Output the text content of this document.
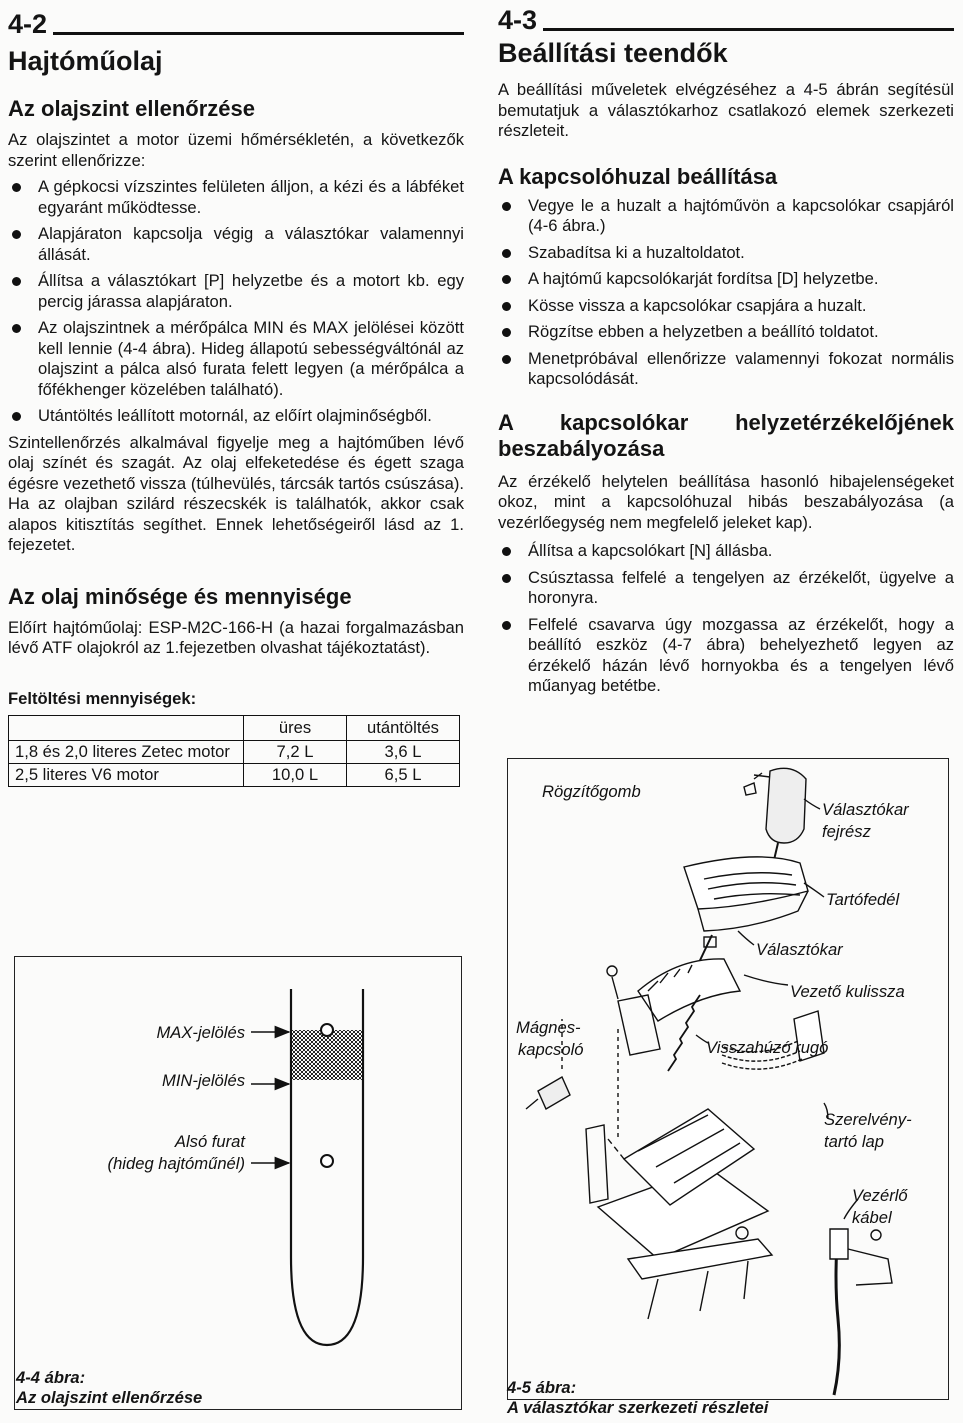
4-2
Hajtóműolaj
Az olajszint ellenőrzése

Az olajszintet a motor üzemi hőmérsékletén, a következők szerint ellenőrizze:

A gépkocsi vízszintes felületen álljon, a kézi és a lábféket egyaránt működtesse.
Alapjáraton kapcsolja végig a választókar valamennyi állását.
Állítsa a választókart [P] helyzetbe és a motort kb. egy percig járassa alapjáraton.
Az olajszintnek a mérőpálca MIN és MAX jelölései között kell lennie (4-4 ábra). Hideg állapotú sebességváltónál az olajszint a pálca alsó furata felett legyen (a mérőpálca a főfékhenger közelében található).
Utántöltés leállított motornál, az előírt olajminőségből.

Szintellenőrzés alkalmával figyelje meg a hajtóműben lévő olaj színét és szagát. Az olaj elfeketedése és égett szaga égésre vezethető vissza (túlhevülés, tárcsák tartós csúszása). Ha az olajban szilárd részecskék is találhatók, akkor csak alapos kitisztítás segíthet. Ennek lehetőségeiről lásd az 1. fejezetet.

Az olaj minősége és mennyisége

Előírt hajtóműolaj: ESP-M2C-166-H (a hazai forgalmazásban lévő ATF olajokról az 1.fejezetben olvashat tájékoztatást).

Feltöltési mennyiségek:
	üres	utántöltés
1,8 és 2,0 literes Zetec motor	7,2 L	3,6 L
2,5 literes V6 motor	10,0 L	6,5 L
MAX-jelölés
MIN-jelölés
Alsó furat
(hideg hajtóműnél)
4-4 ábra:
Az olajszint ellenőrzése
4-3
Beállítási teendők

A beállítási műveletek elvégzéséhez a 4-5 ábrán segítésül bemutatjuk a választókarhoz csatlakozó elemek szerkezeti részleteit.

A kapcsolóhuzal beállítása
Vegye le a huzalt a hajtóművön a kapcsolókar csapjáról (4-6 ábra.)
Szabadítsa ki a huzaltoldatot.
A hajtómű kapcsolókarját fordítsa [D] helyzetbe.
Kösse vissza a kapcsolókar csapjára a huzalt.
Rögzítse ebben a helyzetben a beállító toldatot.
Menetpróbával ellenőrizze valamennyi fokozat normális kapcsolódását.
A kapcsolókar helyzetérzékelőjének beszabályozása

Az érzékelő helytelen beállítása hasonló hibajelenségeket okoz, mint a kapcsolóhuzal hibás beszabályozása (a vezérlőegység nem megfelelő jeleket kap).

Állítsa a kapcsolókart [N] állásba.
Csúsztassa felfelé a tengelyen az érzékelőt, ügyelve a horonyra.
Felfelé csavarva úgy mozgassa az érzékelőt, hogy a beállító eszköz (4-7 ábra) behelyezhető legyen az érzékelő házán lévő hornyokba és a tengelyen lévő műanyag betétbe.
Rögzítőgomb
Választókar
fejrész
Tartófedél
Választókar
Vezető kulissza
Mágnes-
kapcsoló	Visszahúzó rugó
Szerelvény-
tartó lap
Vezérlő
kábel
4-5 ábra:
A választókar szerkezeti részletei
